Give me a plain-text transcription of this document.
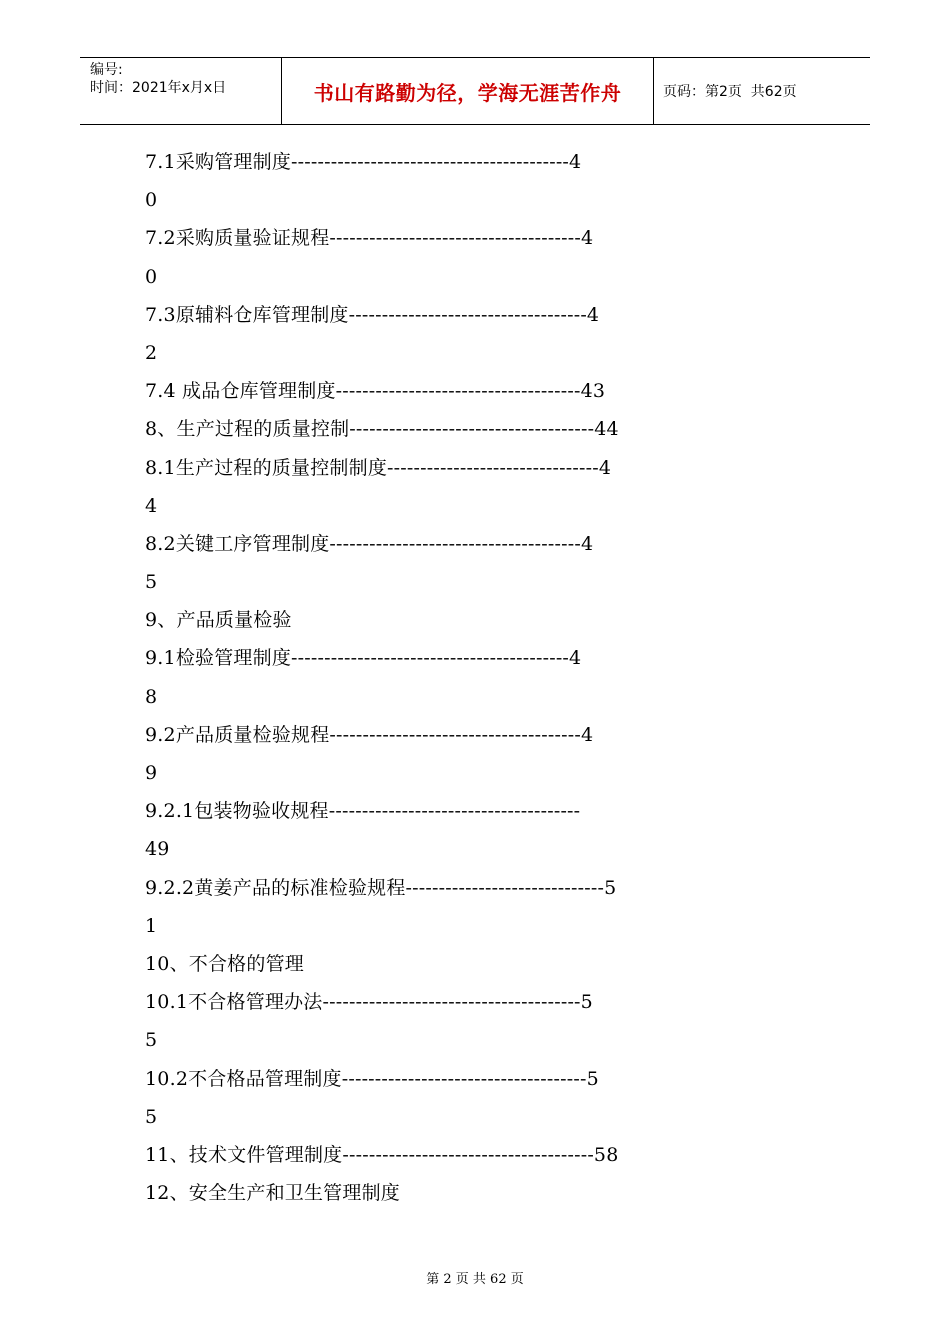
编号:
时间：2021年x月x日	书山有路勤为径，学海无涯苦作舟	页码：第2页  共62页
7.1采购管理制度------------------------------------------4
0
7.2采购质量验证规程--------------------------------------4
0
7.3原辅料仓库管理制度------------------------------------4
2
7.4 成品仓库管理制度-------------------------------------43
8、生产过程的质量控制-------------------------------------44
8.1生产过程的质量控制制度--------------------------------4
4
8.2关键工序管理制度--------------------------------------4
5
9、产品质量检验
9.1检验管理制度------------------------------------------4
8
9.2产品质量检验规程--------------------------------------4
9
9.2.1包装物验收规程--------------------------------------
49
9.2.2黄姜产品的标准检验规程------------------------------5
1
10、不合格的管理
10.1不合格管理办法---------------------------------------5
5
10.2不合格品管理制度-------------------------------------5
5
11、技术文件管理制度--------------------------------------58
12、安全生产和卫生管理制度
第 2 页 共 62 页
